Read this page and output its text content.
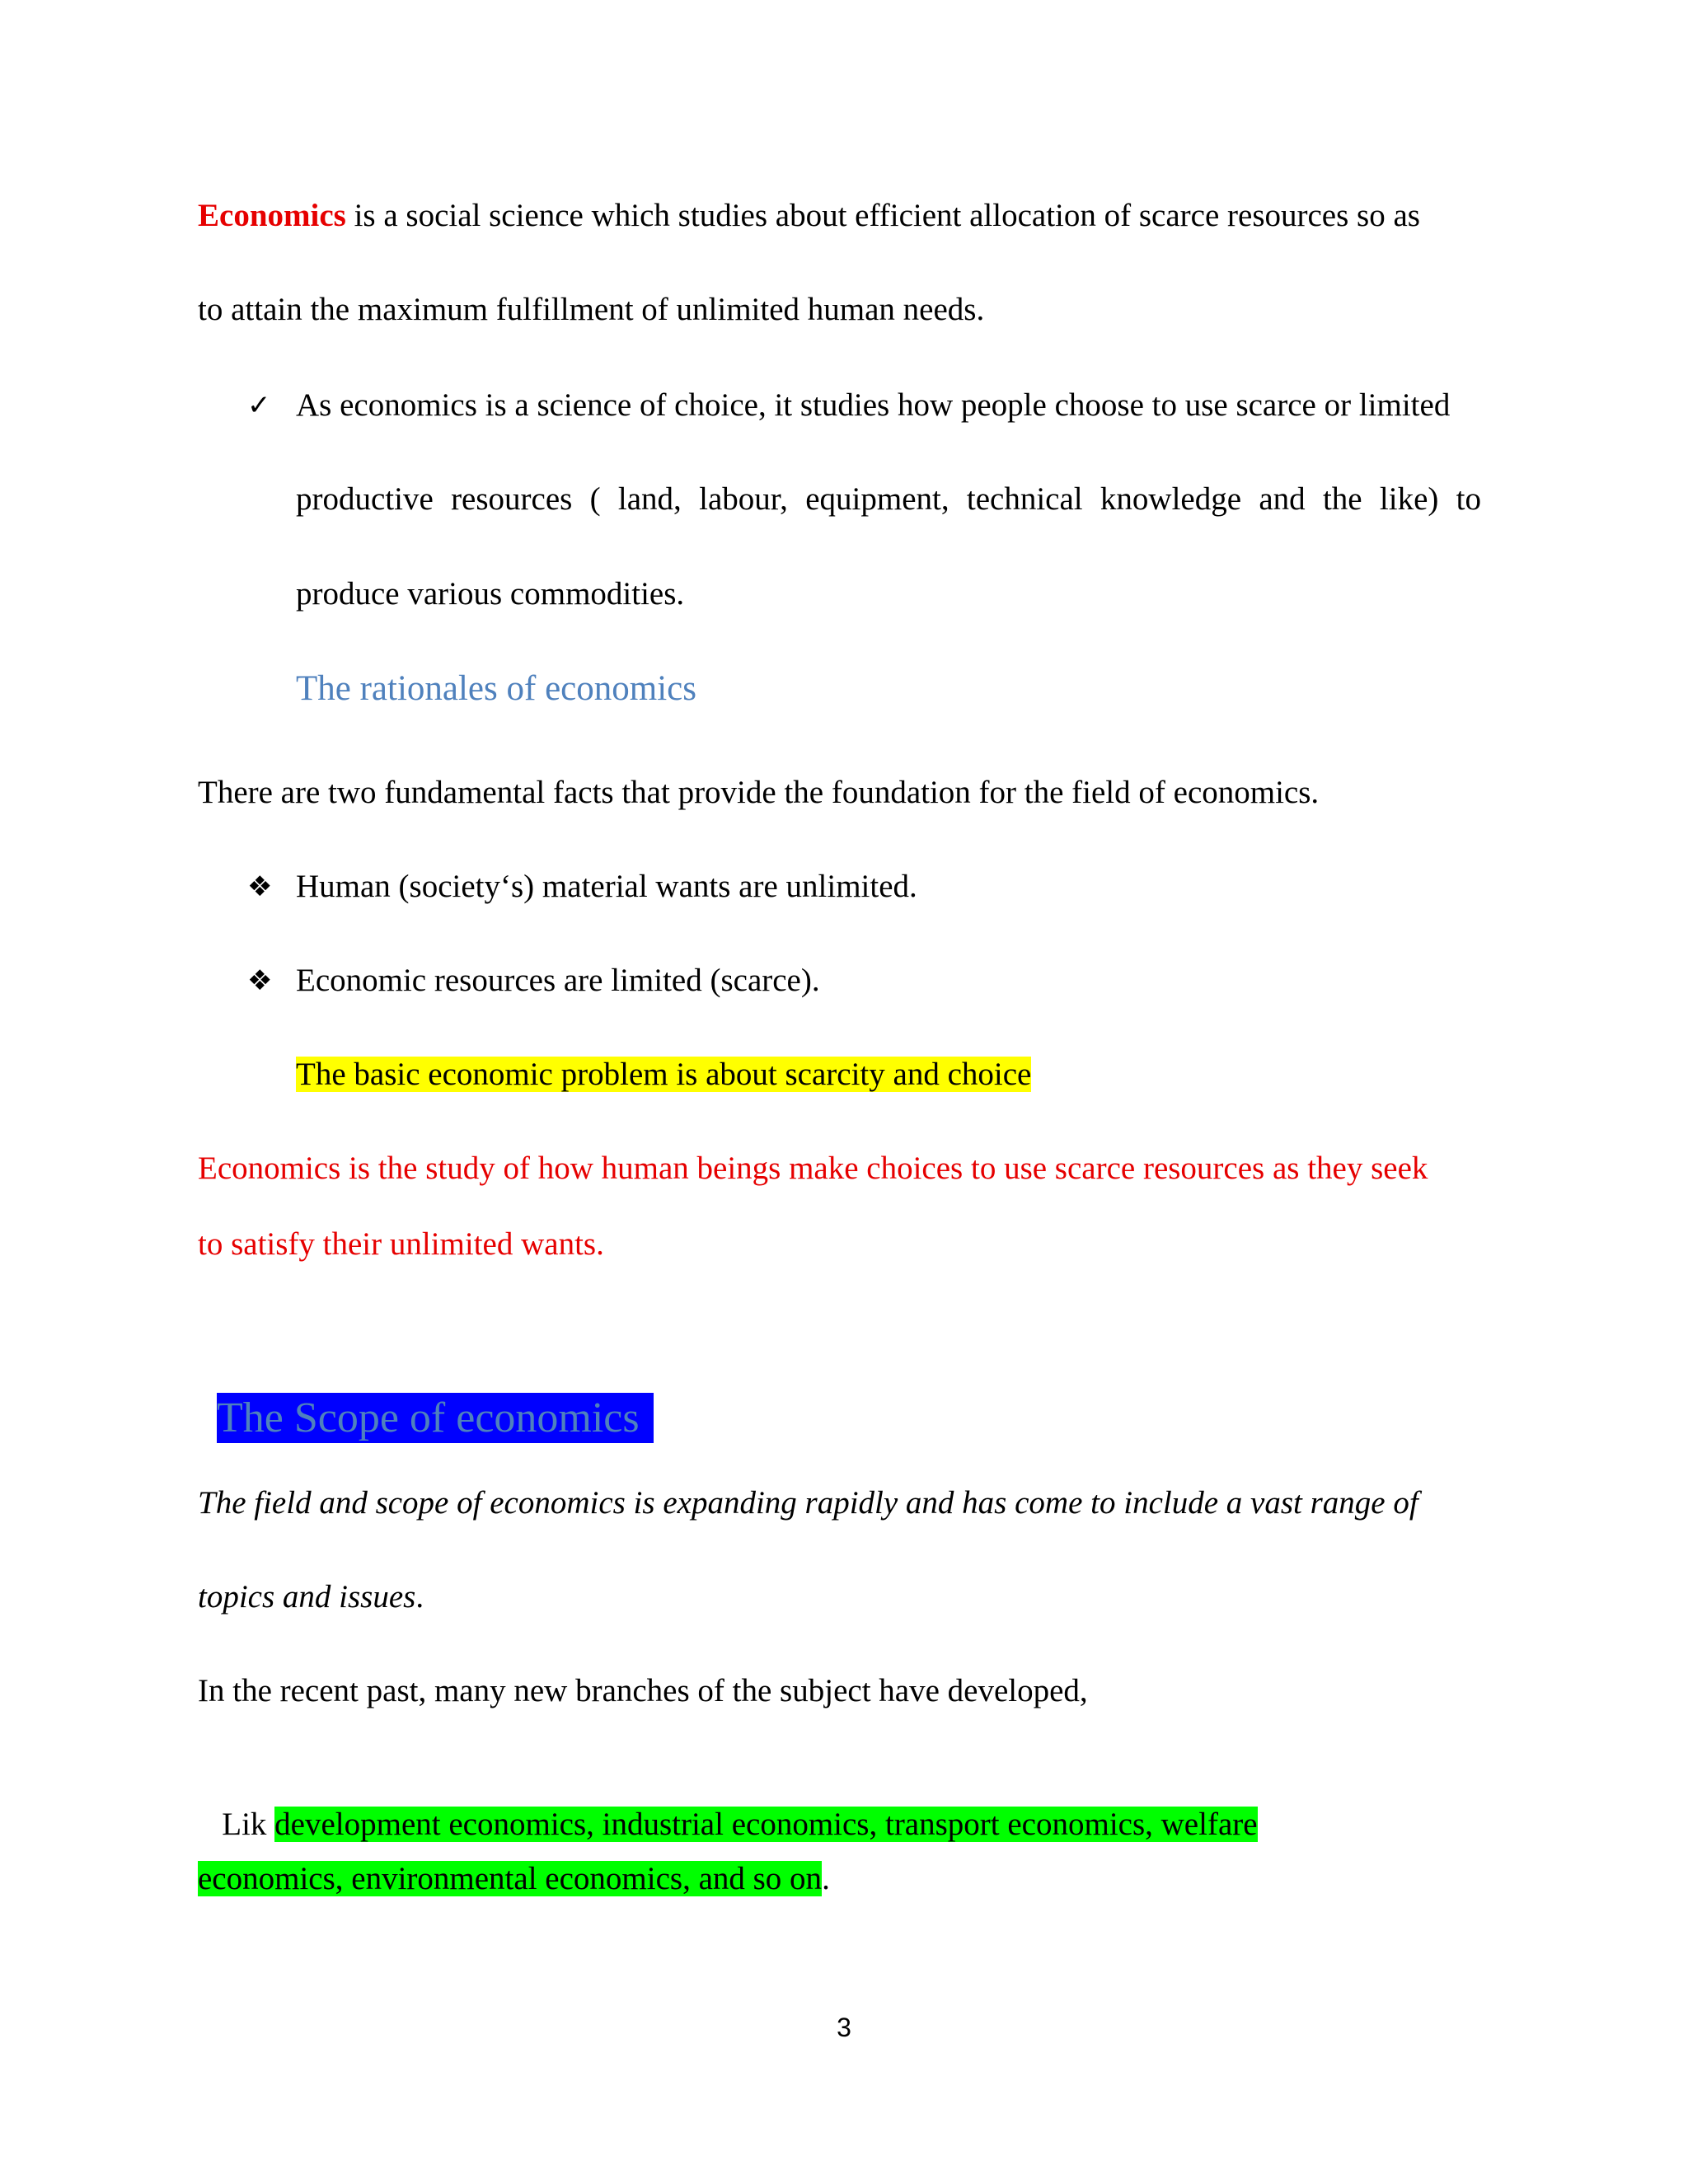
Economics is a social science which studies about efficient allocation of scarce resources so as
to attain the maximum fulfillment of unlimited human needs.
✓ As economics is a science of choice, it studies how people choose to use scarce or limited
productive resources ( land, labour, equipment, technical knowledge and the like) to
produce various commodities.
The rationales of economics
There are two fundamental facts that provide the foundation for the field of economics.
❖ Human (society‘s) material wants are unlimited.
❖ Economic resources are limited (scarce).
The basic economic problem is about scarcity and choice
Economics is the study of how human beings make choices to use scarce resources as they seek
to satisfy their unlimited wants.
The Scope of economics
The field and scope of economics is expanding rapidly and has come to include a vast range of
topics and issues.
In the recent past, many new branches of the subject have developed,

Lik development economics, industrial economics, transport economics, welfare

economics, environmental economics, and so on.
3
